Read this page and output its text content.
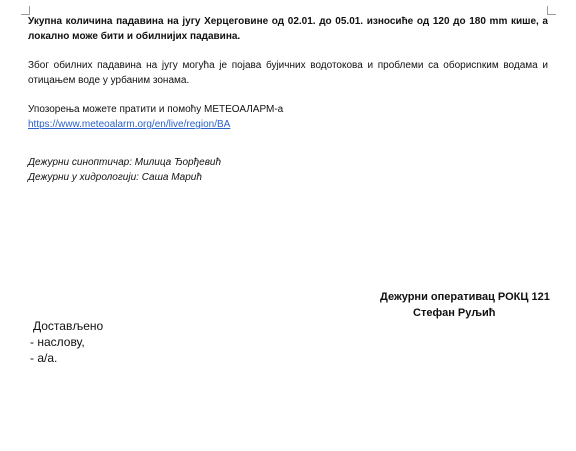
Укупна количина падавина на југу Херцеговине од 02.01. до 05.01. износиће од 120 до 180 mm кише, а локално може бити и обилнијих падавина.

Због обилних падавина на југу могућа је појава бујичних водотокова и проблеми са оборисnким водама и отицањем воде у урбаним зонама.

Упозорења можете пратити и помоћу МЕТЕОАЛАРМ-а
https://www.meteoalarm.org/en/live/region/BA
Дежурни синоптичар: Милица Ђорђевић
Дежурни у хидрологији: Саша Марић
Дежурни оперативац РОКЦ 121
Стефан Руљић
Достављено
- наслову,
- а/а.
